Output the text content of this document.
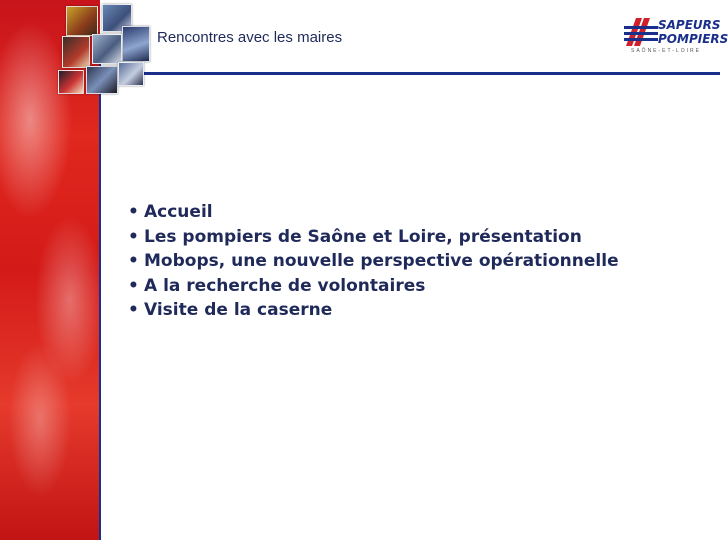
Rencontres avec les maires
SAPEURS
POMPIERS
SAÔNE-ET-LOIRE
• Accueil
• Les pompiers de Saône et Loire, présentation
• Mobops, une nouvelle perspective opérationnelle
• A la recherche de volontaires
• Visite de la caserne
